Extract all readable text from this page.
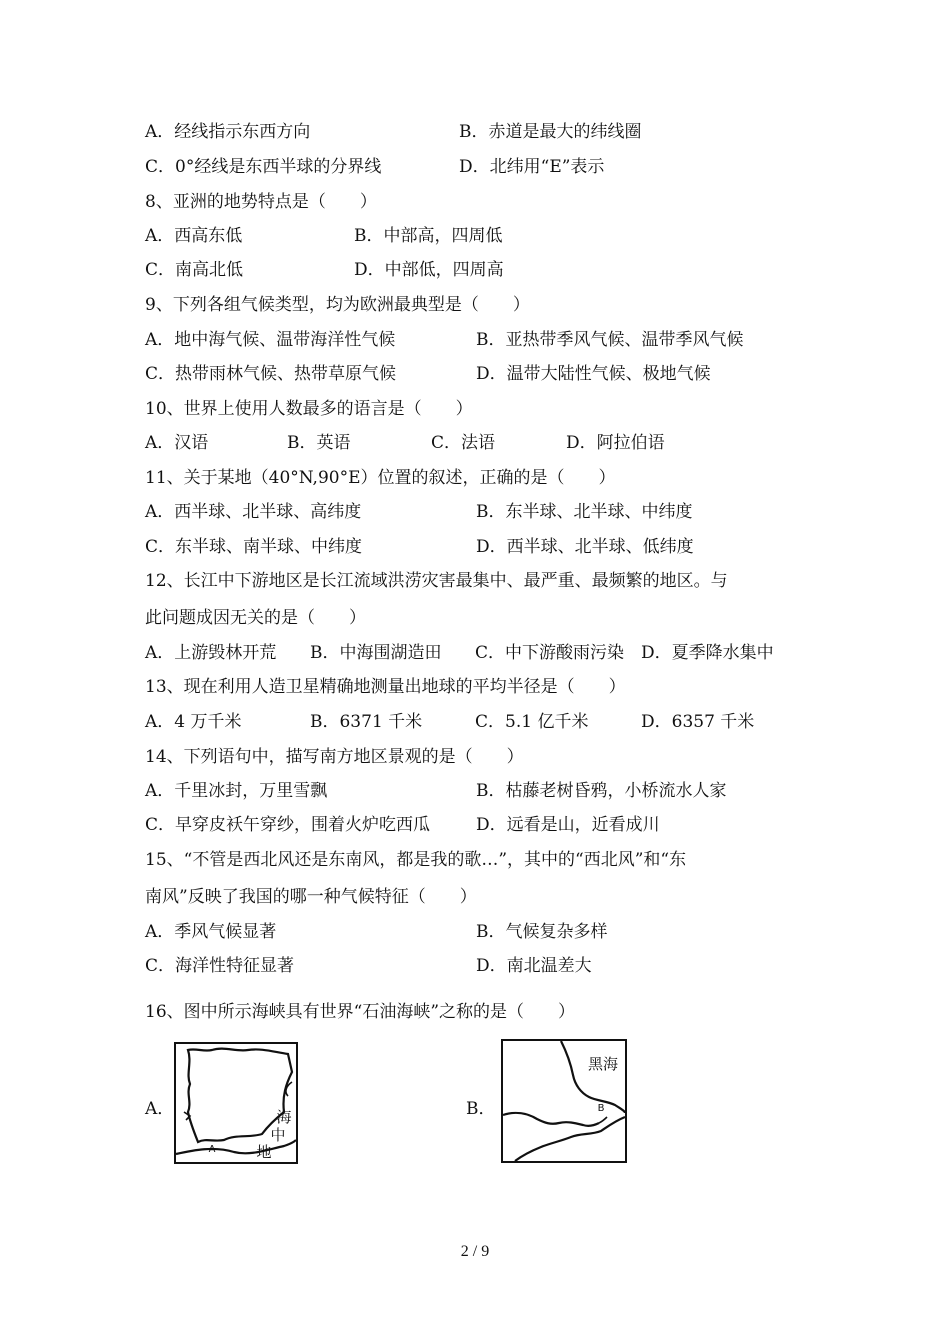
A．经线指示东西方向	B．赤道是最大的纬线圈
C．0°经线是东西半球的分界线	D．北纬用“E”表示
8、亚洲的地势特点是（　　）
A．西高东低	B．中部高，四周低
C．南高北低	D．中部低，四周高
9、下列各组气候类型，均为欧洲最典型是（　　）
A．地中海气候、温带海洋性气候	B．亚热带季风气候、温带季风气候
C．热带雨林气候、热带草原气候	D．温带大陆性气候、极地气候
10、世界上使用人数最多的语言是（　　）
A．汉语	B．英语	C．法语	D．阿拉伯语
11、关于某地（40°N,90°E）位置的叙述，正确的是（　　）
A．西半球、北半球、高纬度	B．东半球、北半球、中纬度
C．东半球、南半球、中纬度	D．西半球、北半球、低纬度
12、长江中下游地区是长江流域洪涝灾害最集中、最严重、最频繁的地区。与
此问题成因无关的是（　　）
A．上游毁林开荒 B．中海围湖造田 C．中下游酸雨污染 D．夏季降水集中
13、现在利用人造卫星精确地测量出地球的平均半径是（　　）
A．4 万千米	B．6371 千米	C．5.1 亿千米	D．6357 千米
14、下列语句中，描写南方地区景观的是（　　）
A．千里冰封，万里雪飘	B．枯藤老树昏鸦，小桥流水人家
C．早穿皮袄午穿纱，围着火炉吃西瓜	D．远看是山，近看成川
15、“不管是西北风还是东南风，都是我的歌…”，其中的“西北风”和“东
南风”反映了我国的哪一种气候特征（　　）
A．季风气候显著	B．气候复杂多样
C．海洋性特征显著	D．南北温差大
16、图中所示海峡具有世界“石油海峡”之称的是（　　）
A．	B．
海
中
地
A
黑海
B
2 / 9
